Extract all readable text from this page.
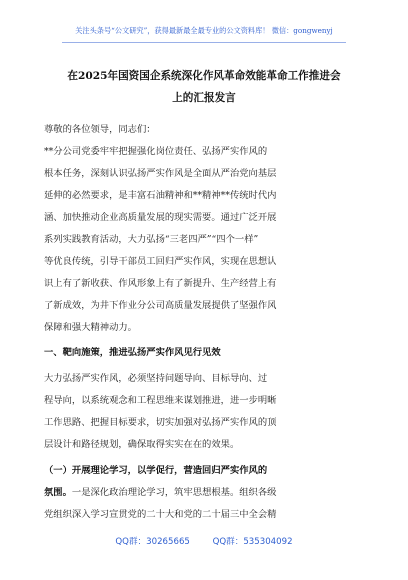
关注头条号“公文研究”，获得最新最全最专业的公文资料库！ 微信：gongwenyj
在2025年国资国企系统深化作风革命效能革命工作推进会
上的汇报发言
尊敬的各位领导，同志们：
**分公司党委牢牢把握强化岗位责任、弘扬严实作风的
根本任务，深刻认识弘扬严实作风是全面从严治党向基层
延伸的必然要求，是丰富石油精神和**精神**传统时代内
涵、加快推动企业高质量发展的现实需要。通过广泛开展
系列实践教育活动，大力弘扬“三老四严”“四个一样”
等优良传统，引导干部员工回归严实作风，实现在思想认
识上有了新收获、作风形象上有了新提升、生产经营上有
了新成效，为井下作业分公司高质量发展提供了坚强作风
保障和强大精神动力。
一、靶向施策，推进弘扬严实作风见行见效
大力弘扬严实作风，必须坚持问题导向、目标导向、过
程导向，以系统观念和工程思维来谋划推进，进一步明晰
工作思路、把握目标要求，切实加强对弘扬严实作风的顶
层设计和路径规划，确保取得实实在在的效果。
（一）开展理论学习，以学促行，营造回归严实作风的
氛围。一是深化政治理论学习，筑牢思想根基。组织各级
党组织深入学习宣贯党的二十大和党的二十届三中全会精
QQ群：30265665	QQ群：535304092
